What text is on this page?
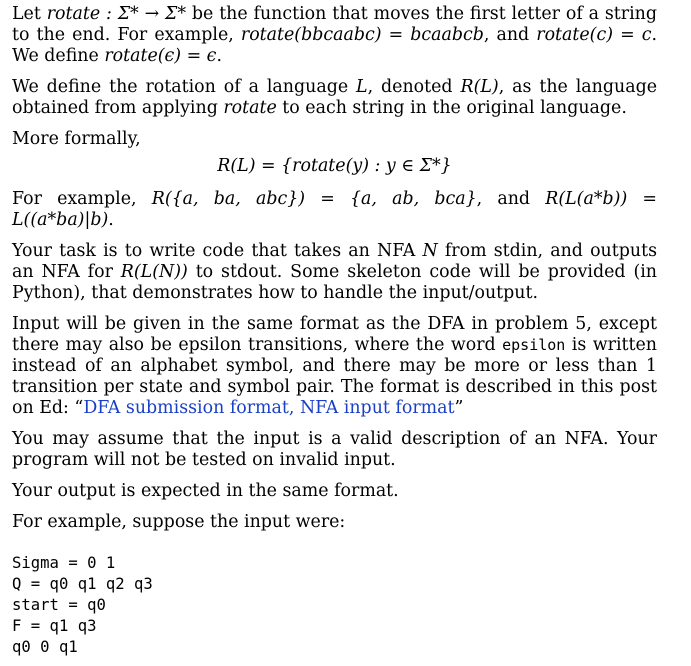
Let rotate : Σ* → Σ* be the function that moves the first letter of a string to the end. For example, rotate(bbcaabc) = bcaabcb, and rotate(c) = c. We define rotate(ϵ) = ϵ.

We define the rotation of a language L, denoted R(L), as the language obtained from applying rotate to each string in the original language.

More formally,

R(L) = {rotate(y) : y ∈ Σ*}

For example, R({a, ba, abc}) = {a, ab, bca}, and R(L(a*b)) = L((a*ba)|b).

Your task is to write code that takes an NFA N from stdin, and outputs an NFA for R(L(N)) to stdout. Some skeleton code will be provided (in Python), that demonstrates how to handle the input/output.

Input will be given in the same format as the DFA in problem 5, except there may also be epsilon transitions, where the word epsilon is written instead of an alphabet symbol, and there may be more or less than 1 transition per state and symbol pair. The format is described in this post on Ed: “DFA submission format, NFA input format”

You may assume that the input is a valid description of an NFA. Your program will not be tested on invalid input.

Your output is expected in the same format.

For example, suppose the input were:

Sigma = 0 1
Q = q0 q1 q2 q3
start = q0
F = q1 q3
q0 0 q1
